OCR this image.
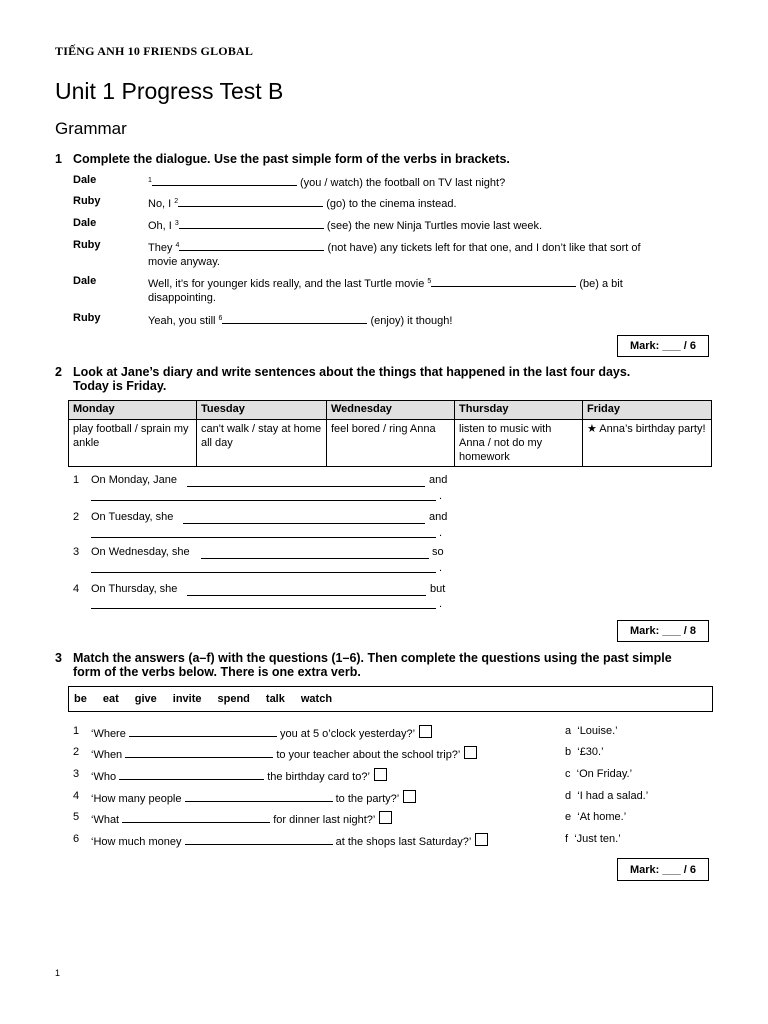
TIẾNG ANH 10 FRIENDS GLOBAL
Unit 1 Progress Test B
Grammar
1 Complete the dialogue. Use the past simple form of the verbs in brackets.
Dale	$^1$	(you / watch) the football on TV last night?
Ruby	No, I $^2$	(go) to the cinema instead.
Dale	Oh, I $^3$	(see) the new Ninja Turtles movie last week.
Ruby	They $^4$	(not have) any tickets left for that one, and I don’t like that sort of
movie anyway.
Dale	Well, it’s for younger kids really, and the last Turtle movie $^5$	(be) a bit
disappointing.
Ruby	Yeah, you still $^6$	(enjoy) it though!
Mark: ___ / 6
2 Look at Jane’s diary and write sentences about the things that happened in the last four days.
Today is Friday.
Monday	Tuesday	Wednesday	Thursday	Friday
play football / sprain my ankle	can't walk / stay at home all day	feel bored / ring Anna	listen to music with Anna / not do my homework	★ Anna’s birthday party!
1 On Monday, Jane	and
.
2 On Tuesday, she	and
.
3 On Wednesday, she	so
.
4 On Thursday, she	but
.
Mark: ___ / 8
3 Match the answers (a–f) with the questions (1–6). Then complete the questions using the past simple
form of the verbs below. There is one extra verb.
be eat give invite spend talk watch
1 ‘Where	you at 5 o’clock yesterday?’
2 ‘When	to your teacher about the school trip?’
3 ‘Who	the birthday card to?’
4 ‘How many people	to the party?’
5 ‘What	for dinner last night?’
6 ‘How much money	at the shops last Saturday?’
a ‘Louise.’
b ‘£30.’
c ‘On Friday.’
d ‘I had a salad.’
e ‘At home.’
f ‘Just ten.’
Mark: ___ / 6
1
